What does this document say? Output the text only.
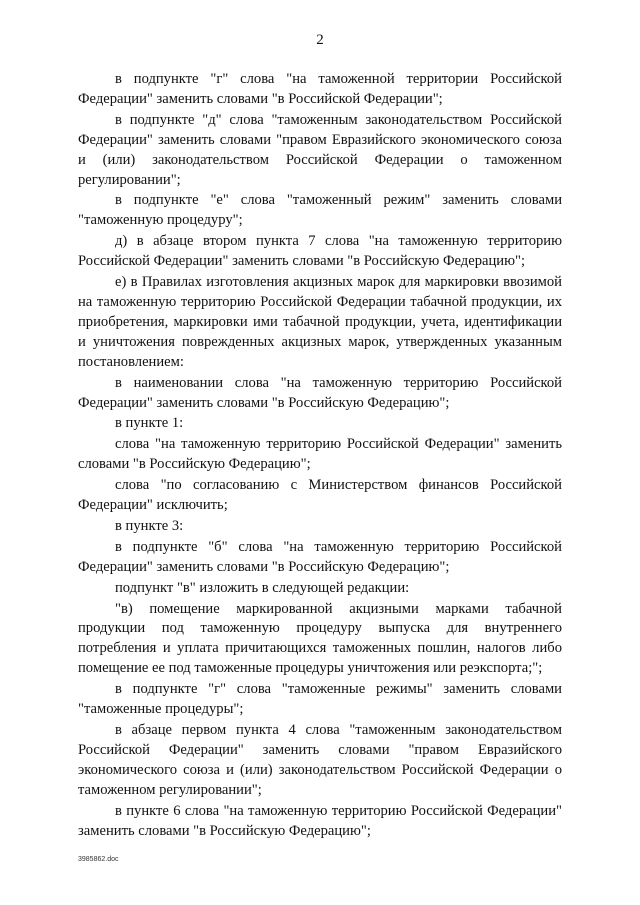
2

в подпункте "г" слова "на таможенной территории Российской Федерации" заменить словами "в Российской Федерации";

в подпункте "д" слова "таможенным законодательством Российской Федерации" заменить словами "правом Евразийского экономического союза и (или) законодательством Российской Федерации о таможенном регулировании";

в подпункте "е" слова "таможенный режим" заменить словами "таможенную процедуру";

д) в абзаце втором пункта 7 слова "на таможенную территорию Российской Федерации" заменить словами "в Российскую Федерацию";

е) в Правилах изготовления акцизных марок для маркировки ввозимой на таможенную территорию Российской Федерации табачной продукции, их приобретения, маркировки ими табачной продукции, учета, идентификации и уничтожения поврежденных акцизных марок, утвержденных указанным постановлением:

в наименовании слова "на таможенную территорию Российской Федерации" заменить словами "в Российскую Федерацию";

в пункте 1:

слова "на таможенную территорию Российской Федерации" заменить словами "в Российскую Федерацию";

слова "по согласованию с Министерством финансов Российской Федерации" исключить;

в пункте 3:

в подпункте "б" слова "на таможенную территорию Российской Федерации" заменить словами "в Российскую Федерацию";

подпункт "в" изложить в следующей редакции:

"в) помещение маркированной акцизными марками табачной продукции под таможенную процедуру выпуска для внутреннего потребления и уплата причитающихся таможенных пошлин, налогов либо помещение ее под таможенные процедуры уничтожения или реэкспорта;";

в подпункте "г" слова "таможенные режимы" заменить словами "таможенные процедуры";

в абзаце первом пункта 4 слова "таможенным законодательством Российской Федерации" заменить словами "правом Евразийского экономического союза и (или) законодательством Российской Федерации о таможенном регулировании";

в пункте 6 слова "на таможенную территорию Российской Федерации" заменить словами "в Российскую Федерацию";

3985862.doc
